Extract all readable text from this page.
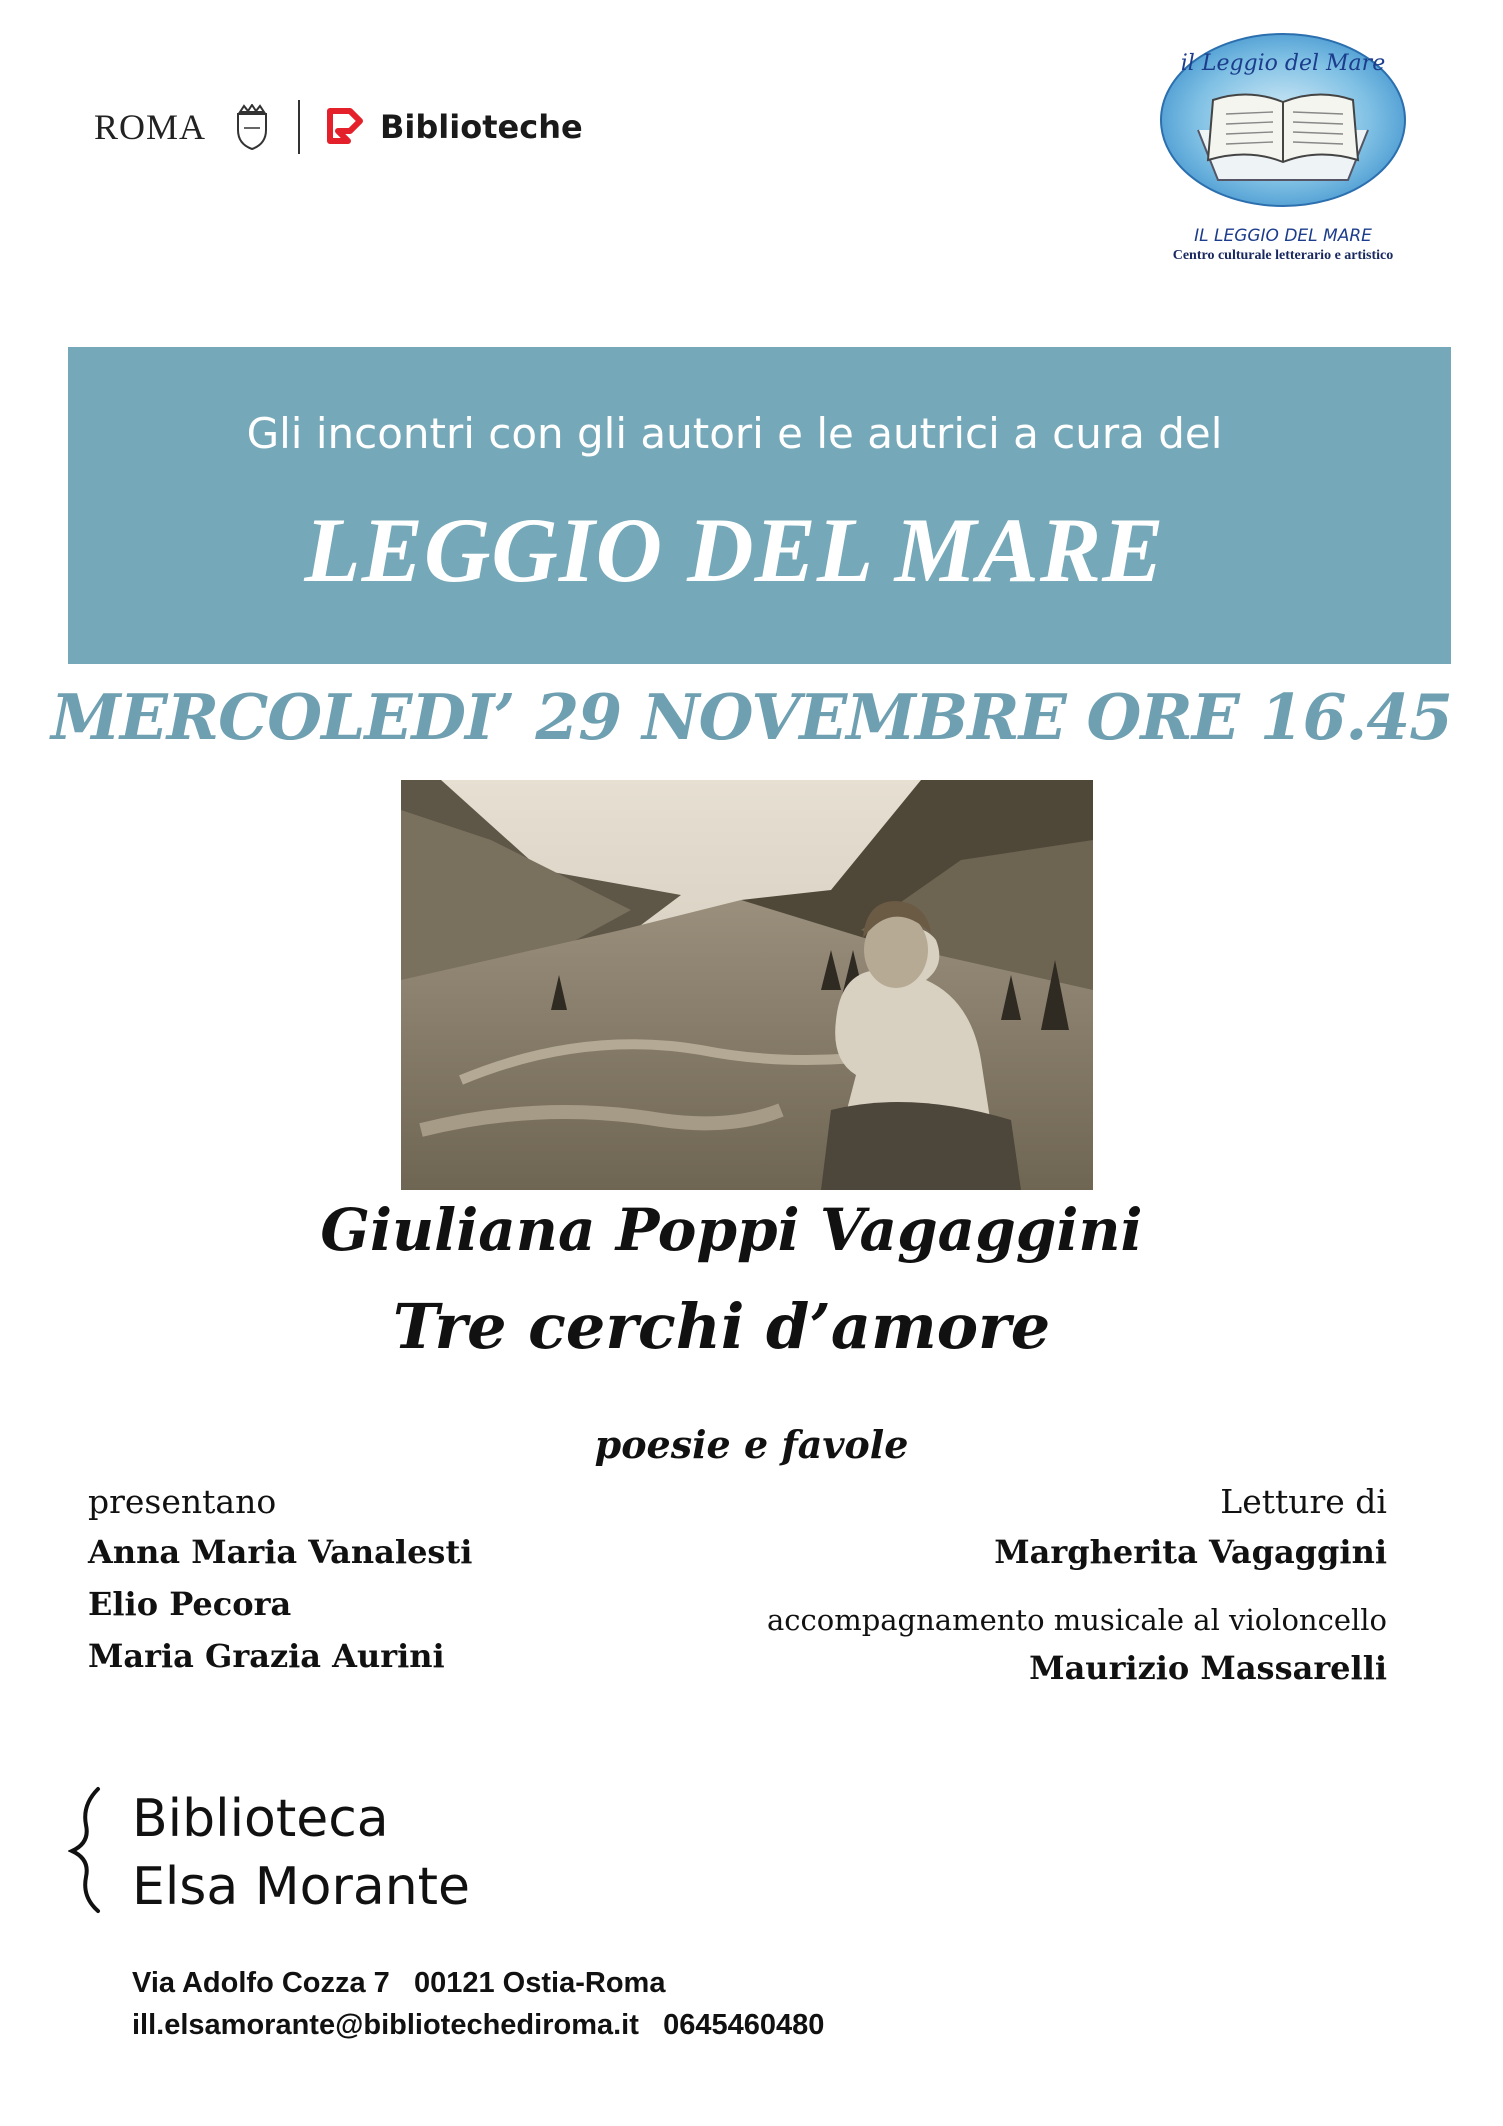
ROMA	Biblioteche
il Leggio del Mare
IL LEGGIO DEL MARE
Centro culturale letterario e artistico
Gli incontri con gli autori e le autrici a cura del
LEGGIO DEL MARE
MERCOLEDI’ 29 NOVEMBRE ORE 16.45
Giuliana Poppi Vagaggini
Tre cerchi d’amore
poesie e favole
presentano
Anna Maria Vanalesti
Elio Pecora
Maria Grazia Aurini
Letture di
Margherita Vagaggini
accompagnamento musicale al violoncello
Maurizio Massarelli
Biblioteca
Elsa Morante
Via Adolfo Cozza 7   00121 Ostia-Roma
ill.elsamorante@bibliotechediroma.it   0645460480
